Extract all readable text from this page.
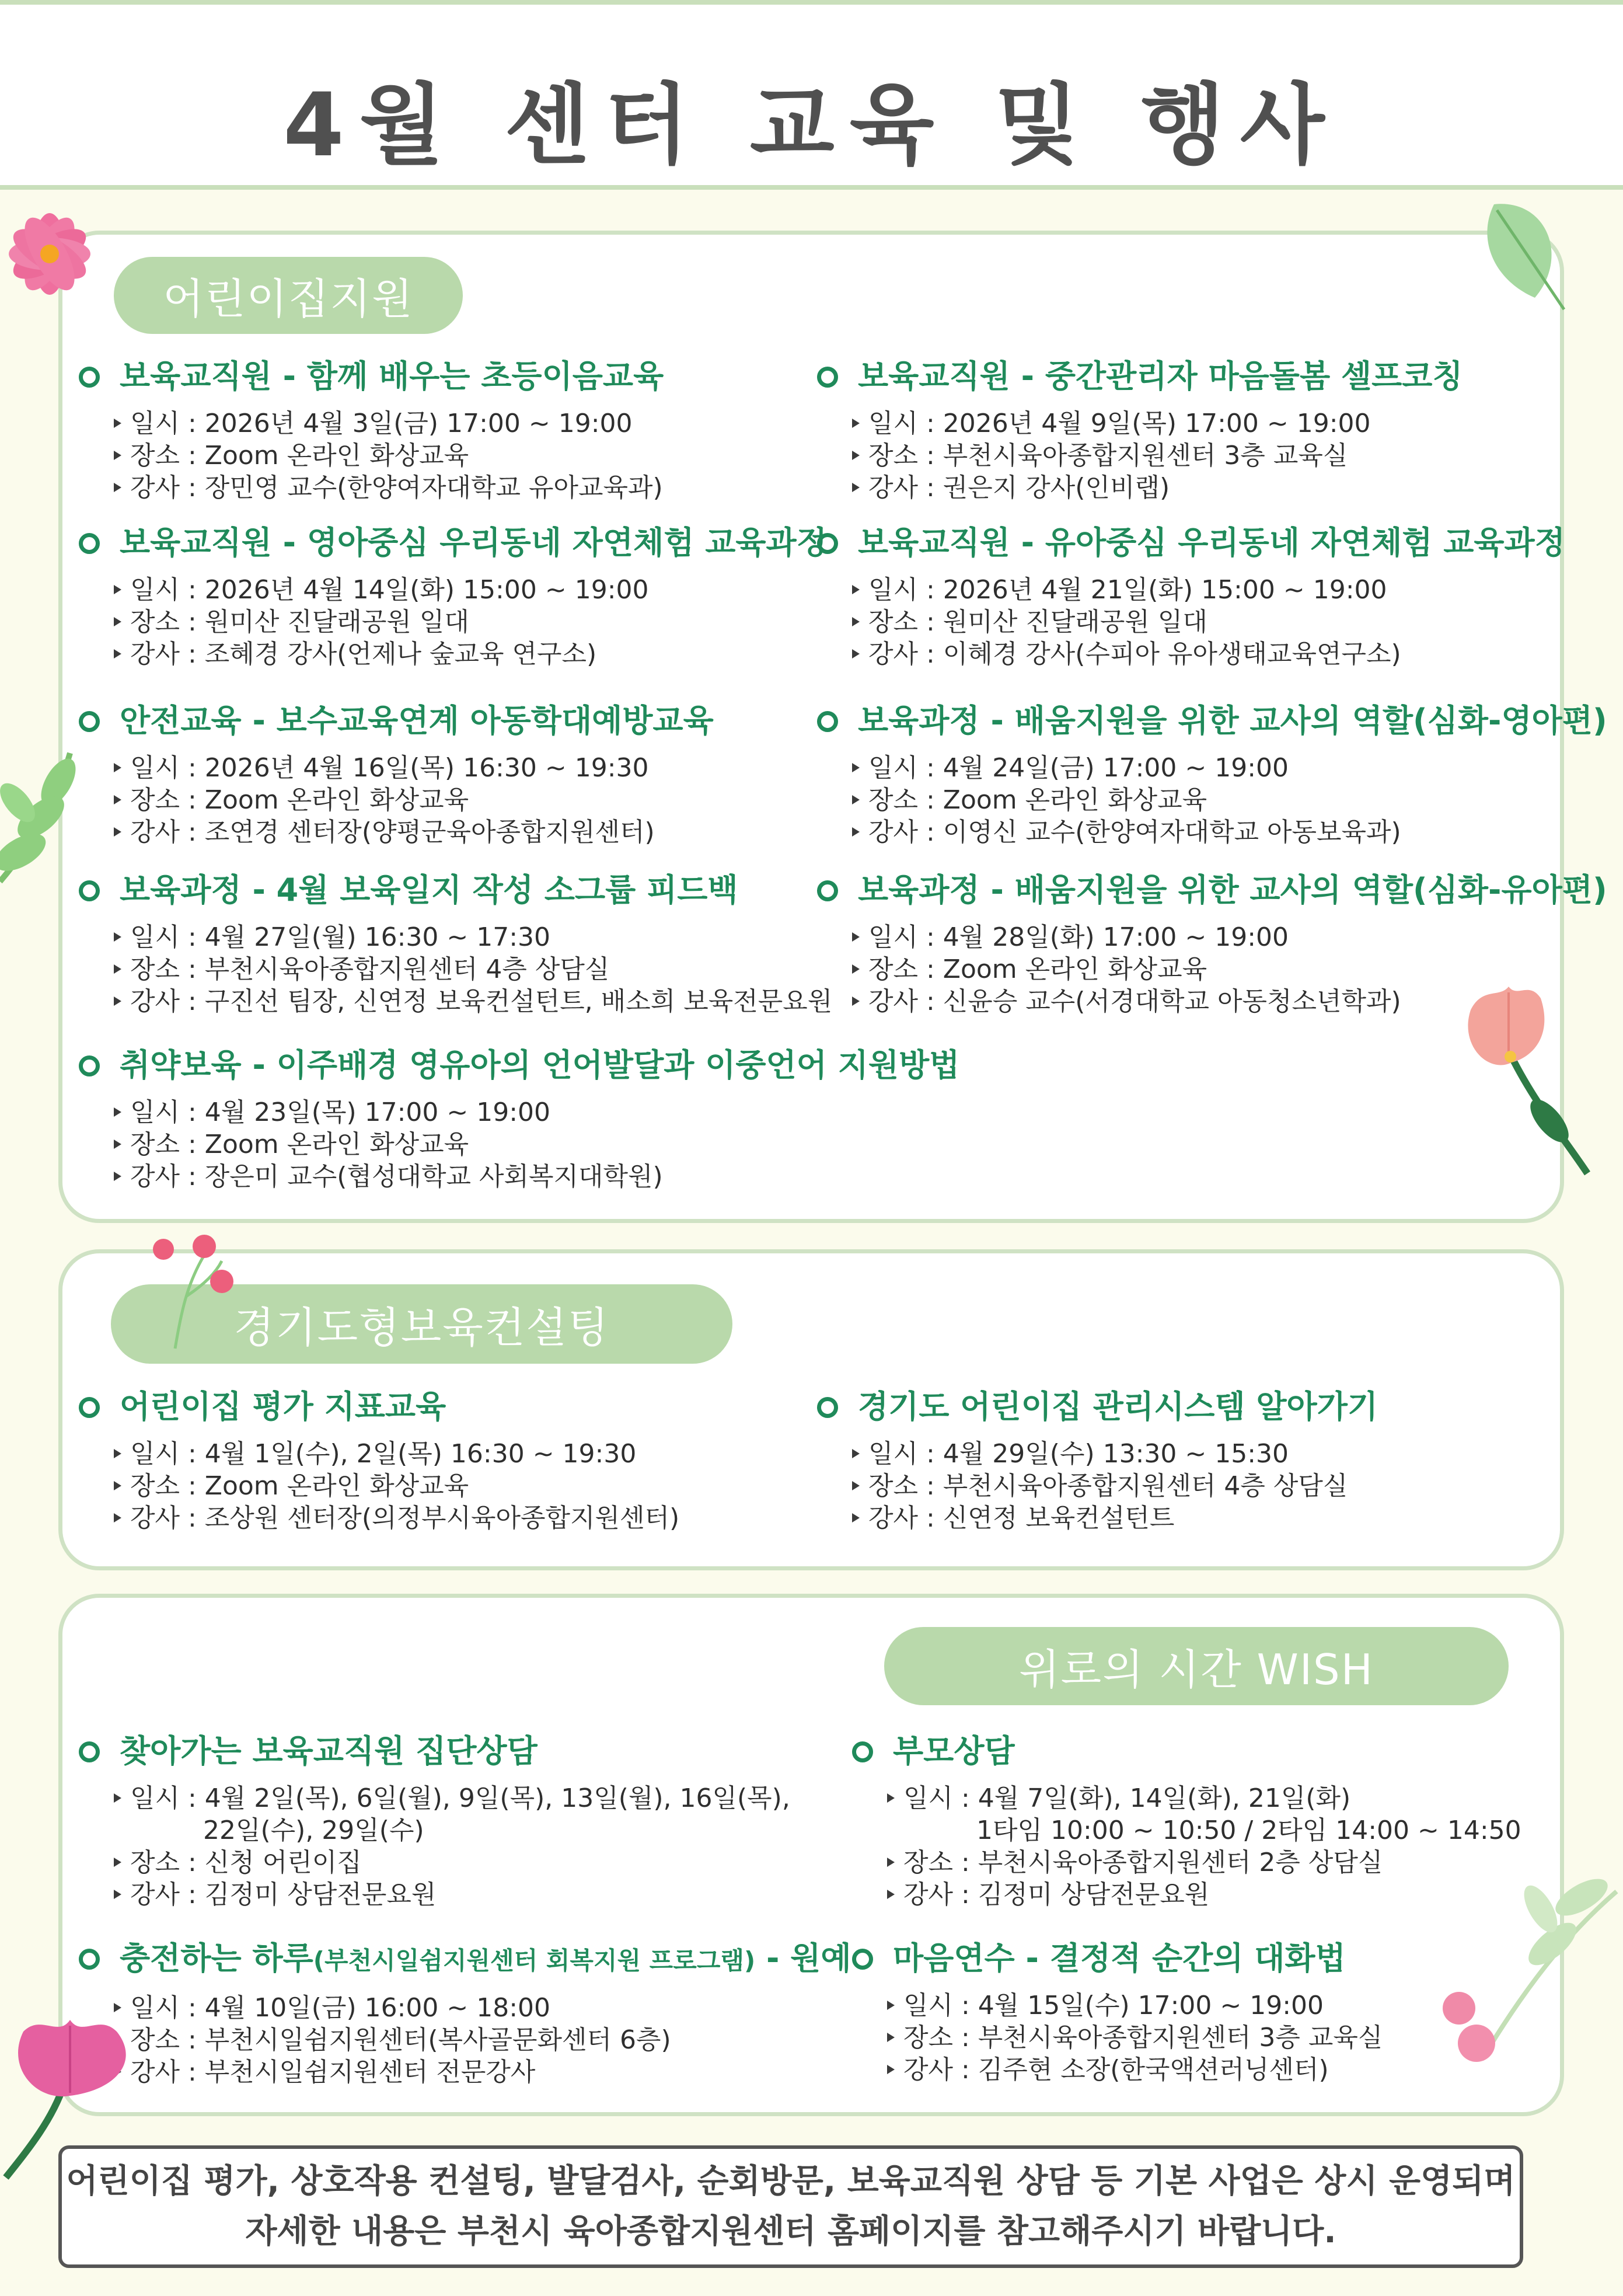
4월 센터 교육 및 행사
어린이집지원
보육교직원 - 함께 배우는 초등이음교육
일시 : 2026년 4월 3일(금) 17:00 ~ 19:00
장소 : Zoom 온라인 화상교육
강사 : 장민영 교수(한양여자대학교 유아교육과)
보육교직원 - 영아중심 우리동네 자연체험 교육과정
일시 : 2026년 4월 14일(화) 15:00 ~ 19:00
장소 : 원미산 진달래공원 일대
강사 : 조혜경 강사(언제나 숲교육 연구소)
안전교육 - 보수교육연계 아동학대예방교육
일시 : 2026년 4월 16일(목) 16:30 ~ 19:30
장소 : Zoom 온라인 화상교육
강사 : 조연경 센터장(양평군육아종합지원센터)
보육과정 - 4월 보육일지 작성 소그룹 피드백
일시 : 4월 27일(월) 16:30 ~ 17:30
장소 : 부천시육아종합지원센터 4층 상담실
강사 : 구진선 팀장, 신연정 보육컨설턴트, 배소희 보육전문요원
취약보육 - 이주배경 영유아의 언어발달과 이중언어 지원방법
일시 : 4월 23일(목) 17:00 ~ 19:00
장소 : Zoom 온라인 화상교육
강사 : 장은미 교수(협성대학교 사회복지대학원)
보육교직원 - 중간관리자 마음돌봄 셀프코칭
일시 : 2026년 4월 9일(목) 17:00 ~ 19:00
장소 : 부천시육아종합지원센터 3층 교육실
강사 : 권은지 강사(인비랩)
보육교직원 - 유아중심 우리동네 자연체험 교육과정
일시 : 2026년 4월 21일(화) 15:00 ~ 19:00
장소 : 원미산 진달래공원 일대
강사 : 이혜경 강사(수피아 유아생태교육연구소)
보육과정 - 배움지원을 위한 교사의 역할(심화-영아편)
일시 : 4월 24일(금) 17:00 ~ 19:00
장소 : Zoom 온라인 화상교육
강사 : 이영신 교수(한양여자대학교 아동보육과)
보육과정 - 배움지원을 위한 교사의 역할(심화-유아편)
일시 : 4월 28일(화) 17:00 ~ 19:00
장소 : Zoom 온라인 화상교육
강사 : 신윤승 교수(서경대학교 아동청소년학과)
경기도형보육컨설팅
어린이집 평가 지표교육
일시 : 4월 1일(수), 2일(목) 16:30 ~ 19:30
장소 : Zoom 온라인 화상교육
강사 : 조상원 센터장(의정부시육아종합지원센터)
경기도 어린이집 관리시스템 알아가기
일시 : 4월 29일(수) 13:30 ~ 15:30
장소 : 부천시육아종합지원센터 4층 상담실
강사 : 신연정 보육컨설턴트
위로의 시간 WISH
찾아가는 보육교직원 집단상담
일시 : 4월 2일(목), 6일(월), 9일(목), 13일(월), 16일(목),
22일(수), 29일(수)
장소 : 신청 어린이집
강사 : 김정미 상담전문요원
부모상담
일시 : 4월 7일(화), 14일(화), 21일(화)
1타임 10:00 ~ 10:50 / 2타임 14:00 ~ 14:50
장소 : 부천시육아종합지원센터 2층 상담실
강사 : 김정미 상담전문요원
충전하는 하루(부천시일쉼지원센터 회복지원 프로그램) - 원예
일시 : 4월 10일(금) 16:00 ~ 18:00
장소 : 부천시일쉼지원센터(복사골문화센터 6층)
강사 : 부천시일쉼지원센터 전문강사
마음연수 - 결정적 순간의 대화법
일시 : 4월 15일(수) 17:00 ~ 19:00
장소 : 부천시육아종합지원센터 3층 교육실
강사 : 김주현 소장(한국액션러닝센터)
어린이집 평가, 상호작용 컨설팅, 발달검사, 순회방문, 보육교직원 상담 등 기본 사업은 상시 운영되며
자세한 내용은 부천시 육아종합지원센터 홈페이지를 참고해주시기 바랍니다.
